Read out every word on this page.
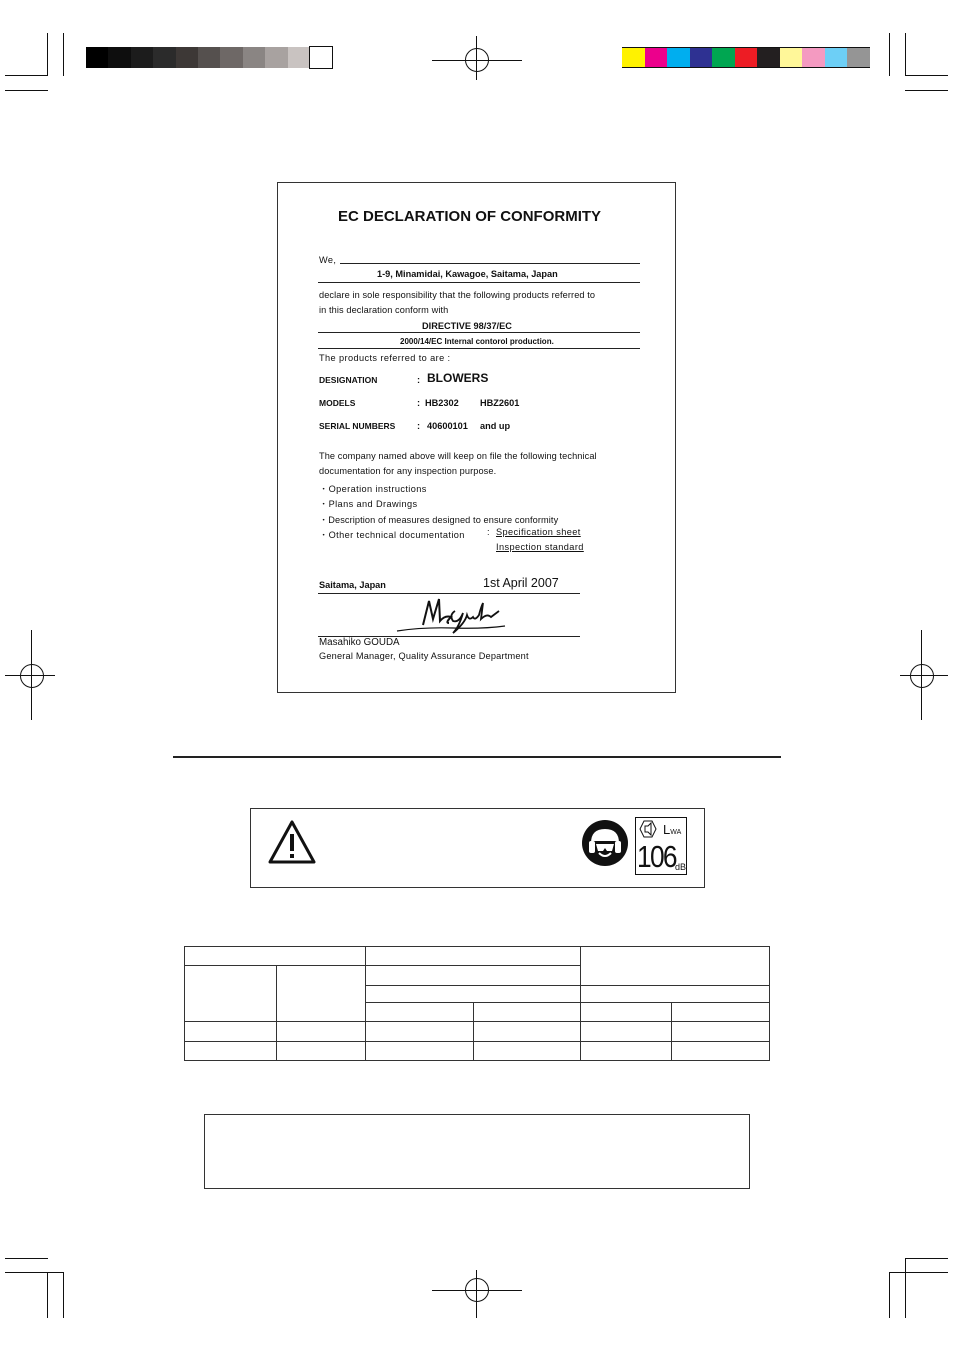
EC DECLARATION OF CONFORMITY
We,
1-9, Minamidai, Kawagoe, Saitama, Japan
declare in sole responsibility that the following products referred to
in this declaration conform with
DIRECTIVE 98/37/EC
2000/14/EC Internal contorol production.
The products referred to are :
DESIGNATION	: BLOWERS
MODELS	: HB2302 HBZ2601
SERIAL NUMBERS : 40600101 and up
The company named above will keep on file the following technical
documentation for any inspection purpose.
・Operation instructions
・Plans and Drawings
・Description of measures designed to ensure conformity
・Other technical documentation : Specification sheet
Inspection standard
Saitama, Japan	1st April 2007
Masahiko GOUDA
General Manager, Quality Assurance Department
LWA
106 dB
